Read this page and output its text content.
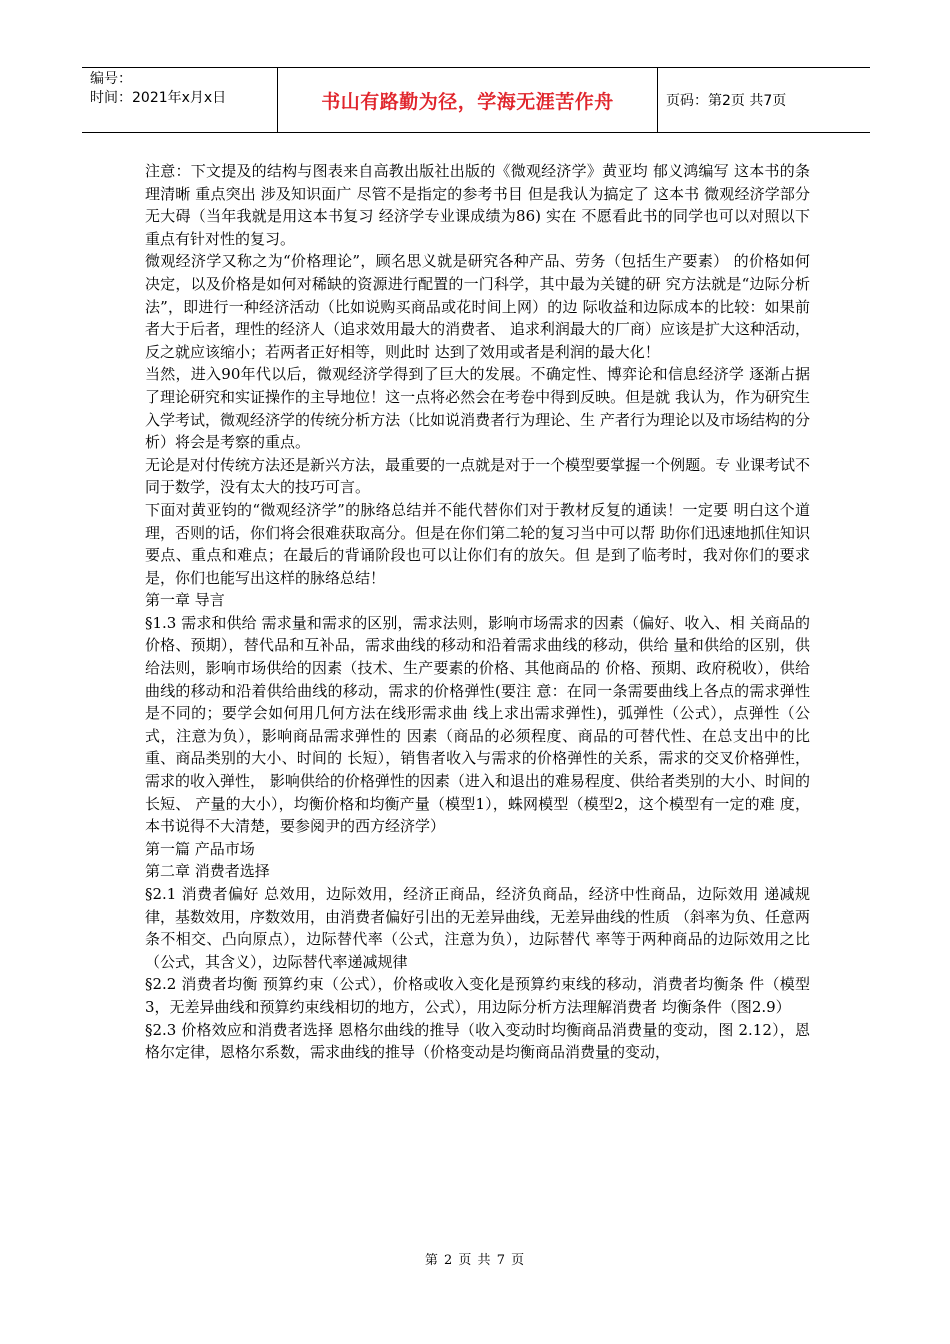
编号：
时间：2021年x月x日	书山有路勤为径，学海无涯苦作舟	页码：第2页 共7页

注意：下文提及的结构与图表来自高教出版社出版的《微观经济学》黄亚均 郁义鸿编写 这本书的条理清晰 重点突出 涉及知识面广 尽管不是指定的参考书目 但是我认为搞定了 这本书 微观经济学部分无大碍（当年我就是用这本书复习 经济学专业课成绩为86) 实在 不愿看此书的同学也可以对照以下重点有针对性的复习。

微观经济学又称之为“价格理论”，顾名思义就是研究各种产品、劳务（包括生产要素） 的价格如何决定，以及价格是如何对稀缺的资源进行配置的一门科学，其中最为关键的研 究方法就是“边际分析法”，即进行一种经济活动（比如说购买商品或花时间上网）的边 际收益和边际成本的比较：如果前者大于后者，理性的经济人（追求效用最大的消费者、 追求利润最大的厂商）应该是扩大这种活动，反之就应该缩小；若两者正好相等，则此时 达到了效用或者是利润的最大化！

当然，进入90年代以后，微观经济学得到了巨大的发展。不确定性、博弈论和信息经济学 逐渐占据了理论研究和实证操作的主导地位！这一点将必然会在考卷中得到反映。但是就 我认为，作为研究生入学考试，微观经济学的传统分析方法（比如说消费者行为理论、生 产者行为理论以及市场结构的分析）将会是考察的重点。

无论是对付传统方法还是新兴方法，最重要的一点就是对于一个模型要掌握一个例题。专 业课考试不同于数学，没有太大的技巧可言。

下面对黄亚钧的“微观经济学”的脉络总结并不能代替你们对于教材反复的通读！一定要 明白这个道理，否则的话，你们将会很难获取高分。但是在你们第二轮的复习当中可以帮 助你们迅速地抓住知识要点、重点和难点；在最后的背诵阶段也可以让你们有的放矢。但 是到了临考时，我对你们的要求是，你们也能写出这样的脉络总结！

第一章 导言

§1.3 需求和供给 需求量和需求的区别，需求法则，影响市场需求的因素（偏好、收入、相 关商品的价格、预期），替代品和互补品，需求曲线的移动和沿着需求曲线的移动，供给 量和供给的区别，供给法则，影响市场供给的因素（技术、生产要素的价格、其他商品的 价格、预期、政府税收），供给曲线的移动和沿着供给曲线的移动，需求的价格弹性(要注 意：在同一条需要曲线上各点的需求弹性是不同的；要学会如何用几何方法在线形需求曲 线上求出需求弹性)，弧弹性（公式），点弹性（公式，注意为负），影响商品需求弹性的 因素（商品的必须程度、商品的可替代性、在总支出中的比重、商品类别的大小、时间的 长短），销售者收入与需求的价格弹性的关系，需求的交叉价格弹性，需求的收入弹性， 影响供给的价格弹性的因素（进入和退出的难易程度、供给者类别的大小、时间的长短、 产量的大小），均衡价格和均衡产量（模型1），蛛网模型（模型2，这个模型有一定的难 度，本书说得不大清楚，要参阅尹的西方经济学）

第一篇 产品市场

第二章 消费者选择

§2.1 消费者偏好 总效用，边际效用，经济正商品，经济负商品，经济中性商品，边际效用 递减规律，基数效用，序数效用，由消费者偏好引出的无差异曲线，无差异曲线的性质 （斜率为负、任意两条不相交、凸向原点），边际替代率（公式，注意为负），边际替代 率等于两种商品的边际效用之比（公式，其含义），边际替代率递减规律

§2.2 消费者均衡 预算约束（公式），价格或收入变化是预算约束线的移动，消费者均衡条 件（模型3，无差异曲线和预算约束线相切的地方，公式），用边际分析方法理解消费者 均衡条件（图2.9）

§2.3 价格效应和消费者选择 恩格尔曲线的推导（收入变动时均衡商品消费量的变动，图 2.12），恩格尔定律，恩格尔系数，需求曲线的推导（价格变动是均衡商品消费量的变动，

第 2 页 共 7 页
